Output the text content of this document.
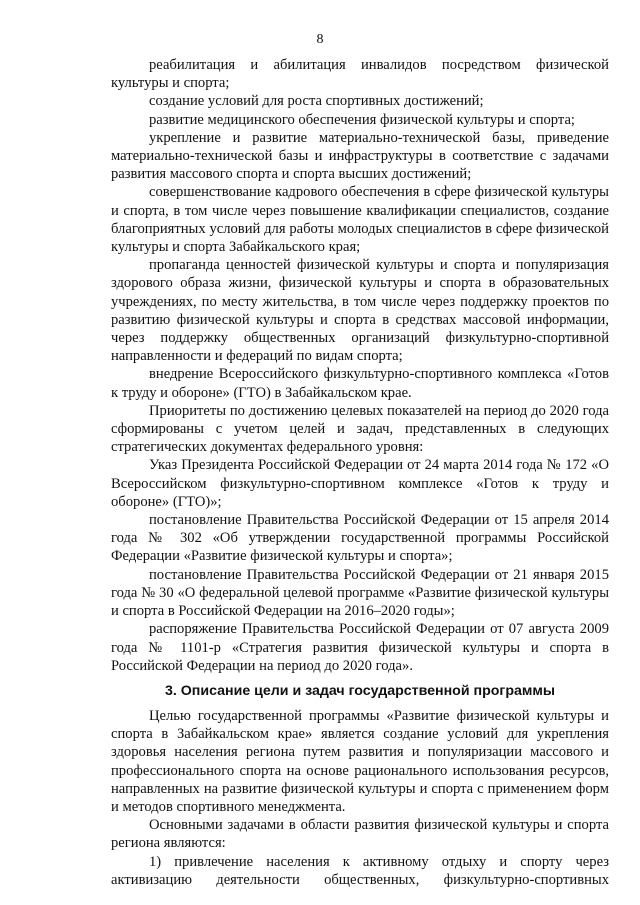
8

реабилитация и абилитация инвалидов посредством физической культуры и спорта;

создание условий для роста спортивных достижений;

развитие медицинского обеспечения физической культуры и спорта;

укрепление и развитие материально-технической базы, приведение материально-технической базы и инфраструктуры в соответствие с задачами развития массового спорта и спорта высших достижений;

совершенствование кадрового обеспечения в сфере физической культуры и спорта, в том числе через повышение квалификации специалистов, создание благоприятных условий для работы молодых специалистов в сфере физической культуры и спорта Забайкальского края;

пропаганда ценностей физической культуры и спорта и популяризация здорового образа жизни, физической культуры и спорта в образовательных учреждениях, по месту жительства, в том числе через поддержку проектов по развитию физической культуры и спорта в средствах массовой информации, через поддержку общественных организаций физкультурно-спортивной направленности и федераций по видам спорта;

внедрение Всероссийского физкультурно-спортивного комплекса «Готов к труду и обороне» (ГТО) в Забайкальском крае.

Приоритеты по достижению целевых показателей на период до 2020 года сформированы с учетом целей и задач, представленных в следующих стратегических документах федерального уровня:

Указ Президента Российской Федерации от 24 марта 2014 года № 172 «О Всероссийском физкультурно-спортивном комплексе «Готов к труду и обороне» (ГТО)»;

постановление Правительства Российской Федерации от 15 апреля 2014 года № 302 «Об утверждении государственной программы Российской Федерации «Развитие физической культуры и спорта»;

постановление Правительства Российской Федерации от 21 января 2015 года № 30 «О федеральной целевой программе «Развитие физической культуры и спорта в Российской Федерации на 2016–2020 годы»;

распоряжение Правительства Российской Федерации от 07 августа 2009 года № 1101-р «Стратегия развития физической культуры и спорта в Российской Федерации на период до 2020 года».

3. Описание цели и задач государственной программы

Целью государственной программы «Развитие физической культуры и спорта в Забайкальском крае» является создание условий для укрепления здоровья населения региона путем развития и популяризации массового и профессионального спорта на основе рационального использования ресурсов, направленных на развитие физической культуры и спорта с применением форм и методов спортивного менеджмента.

Основными задачами в области развития физической культуры и спорта региона являются:

1) привлечение населения к активному отдыху и спорту через активизацию деятельности общественных, физкультурно-спортивных
